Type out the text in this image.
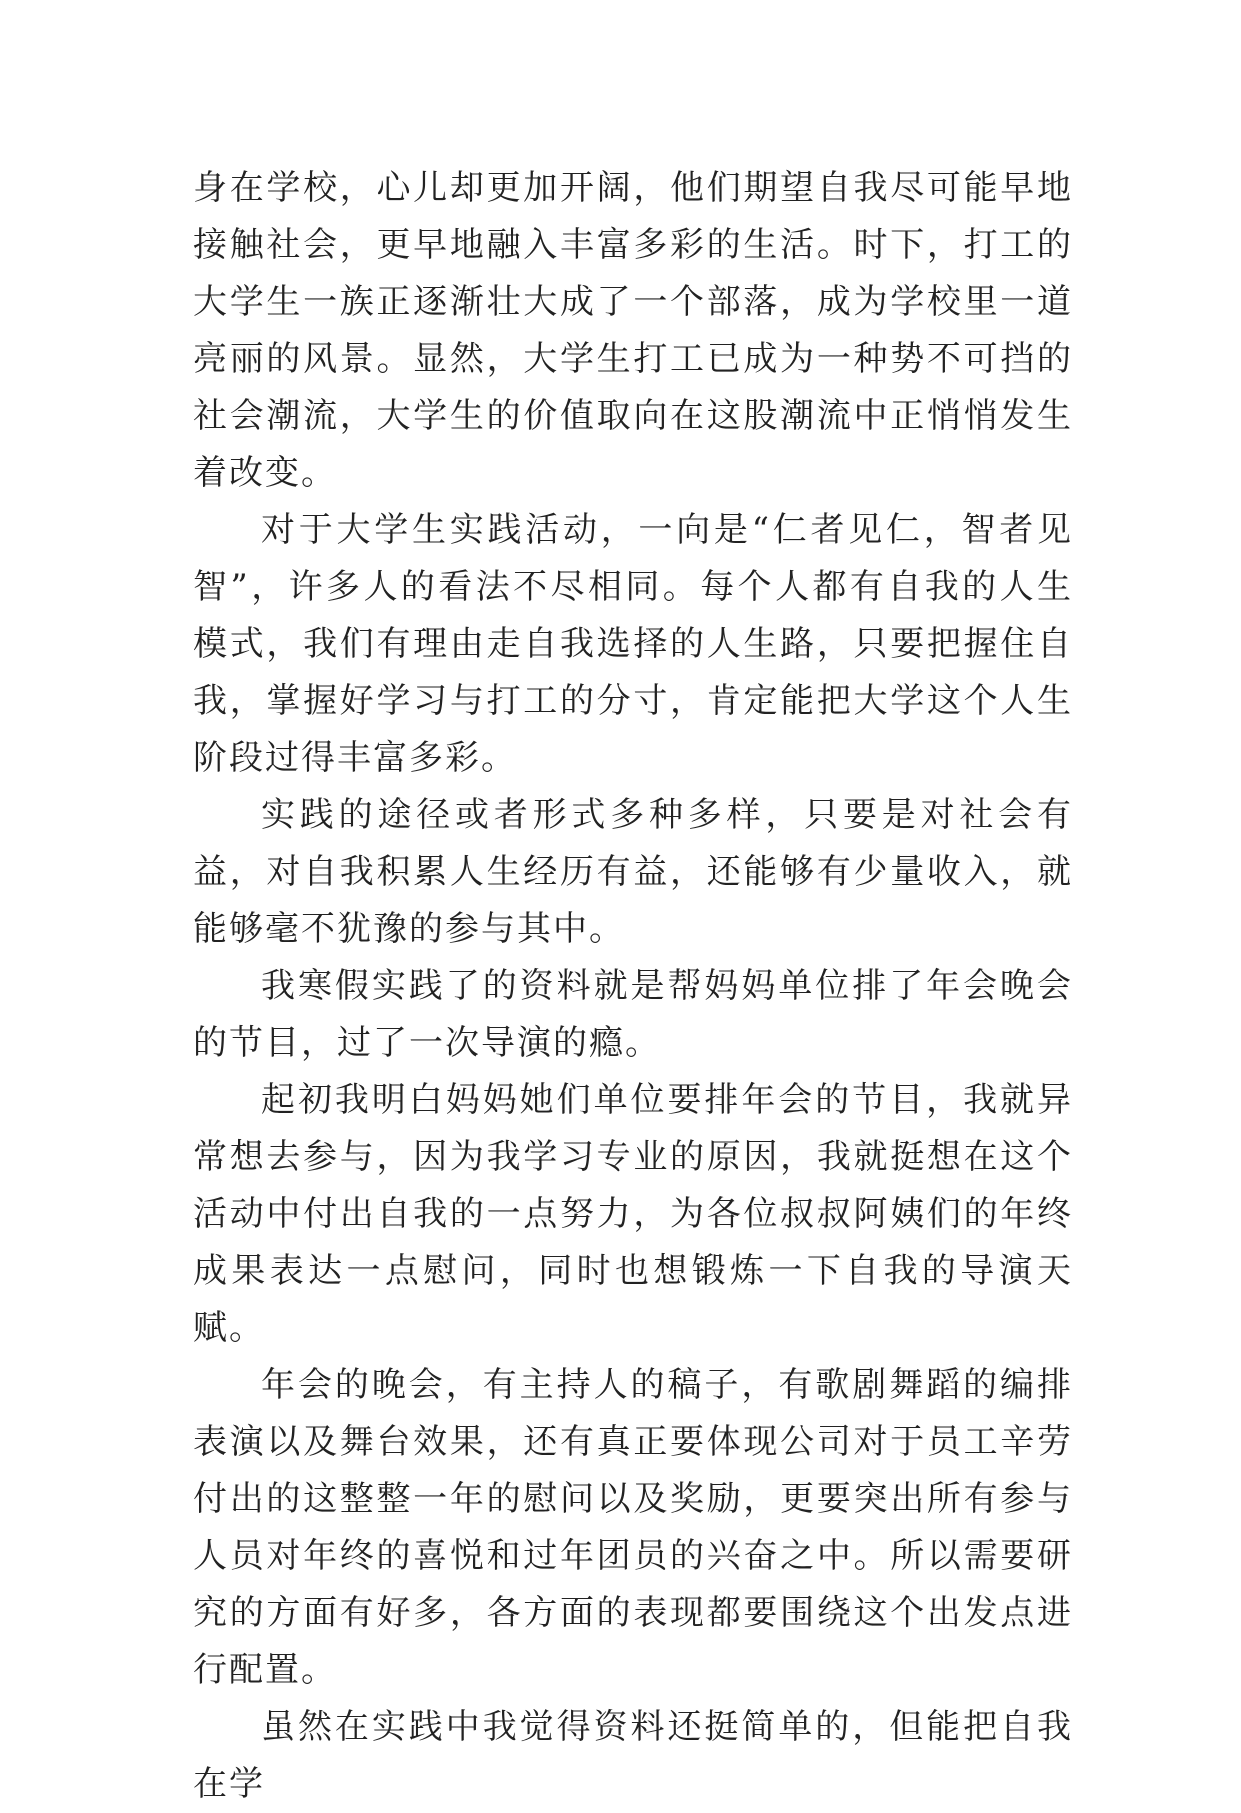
身在学校，心儿却更加开阔，他们期望自我尽可能早地接触社会，更早地融入丰富多彩的生活。时下，打工的大学生一族正逐渐壮大成了一个部落，成为学校里一道亮丽的风景。显然，大学生打工已成为一种势不可挡的社会潮流，大学生的价值取向在这股潮流中正悄悄发生着改变。

对于大学生实践活动，一向是“仁者见仁，智者见智”，许多人的看法不尽相同。每个人都有自我的人生模式，我们有理由走自我选择的人生路，只要把握住自我，掌握好学习与打工的分寸，肯定能把大学这个人生阶段过得丰富多彩。

实践的途径或者形式多种多样，只要是对社会有益，对自我积累人生经历有益，还能够有少量收入，就能够毫不犹豫的参与其中。

我寒假实践了的资料就是帮妈妈单位排了年会晚会的节目，过了一次导演的瘾。

起初我明白妈妈她们单位要排年会的节目，我就异常想去参与，因为我学习专业的原因，我就挺想在这个活动中付出自我的一点努力，为各位叔叔阿姨们的年终成果表达一点慰问，同时也想锻炼一下自我的导演天赋。

年会的晚会，有主持人的稿子，有歌剧舞蹈的编排表演以及舞台效果，还有真正要体现公司对于员工辛劳付出的这整整一年的慰问以及奖励，更要突出所有参与人员对年终的喜悦和过年团员的兴奋之中。所以需要研究的方面有好多，各方面的表现都要围绕这个出发点进行配置。

虽然在实践中我觉得资料还挺简单的，但能把自我在学
